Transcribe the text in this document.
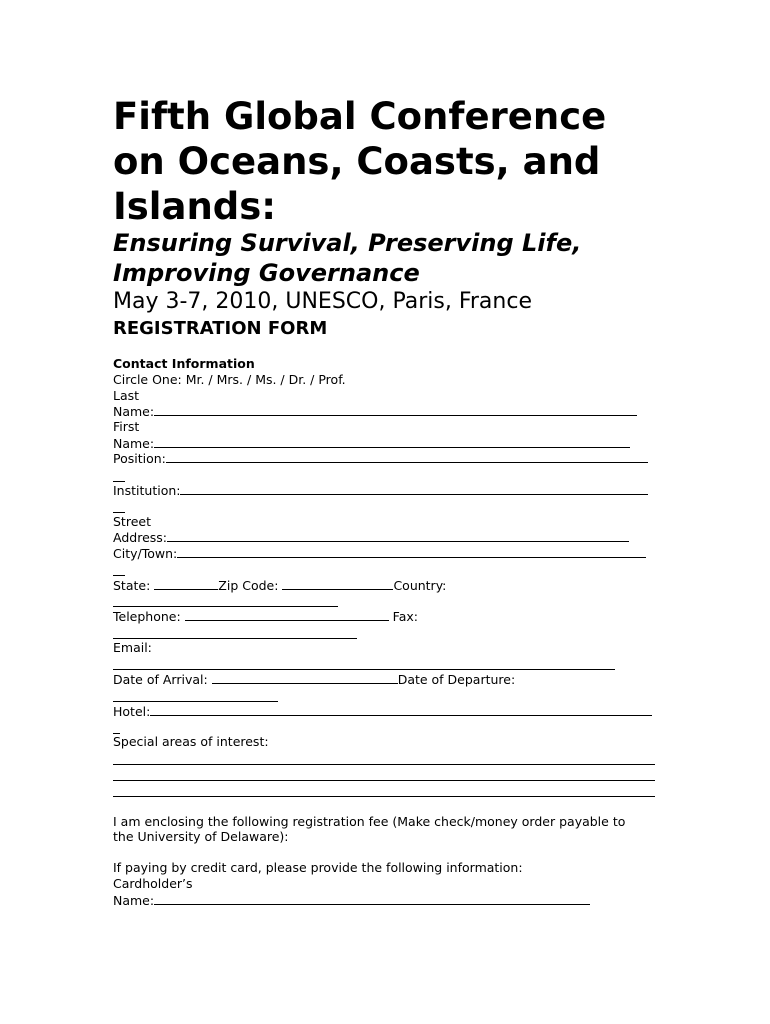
Fifth Global Conference
on Oceans, Coasts, and
Islands:
Ensuring Survival, Preserving Life,
Improving Governance
May 3-7, 2010, UNESCO, Paris, France
REGISTRATION FORM
Contact Information
Circle One: Mr. / Mrs. / Ms. / Dr. / Prof.
Last
Name:
First
Name:
Position:
Institution:
Street
Address:
City/Town:
State:	Zip Code:	Country:
Telephone:	Fax:
Email:
Date of Arrival:	Date of Departure:
Hotel:
Special areas of interest:
I am enclosing the following registration fee (Make check/money order payable to
the University of Delaware):
If paying by credit card, please provide the following information:
Cardholder’s
Name:
